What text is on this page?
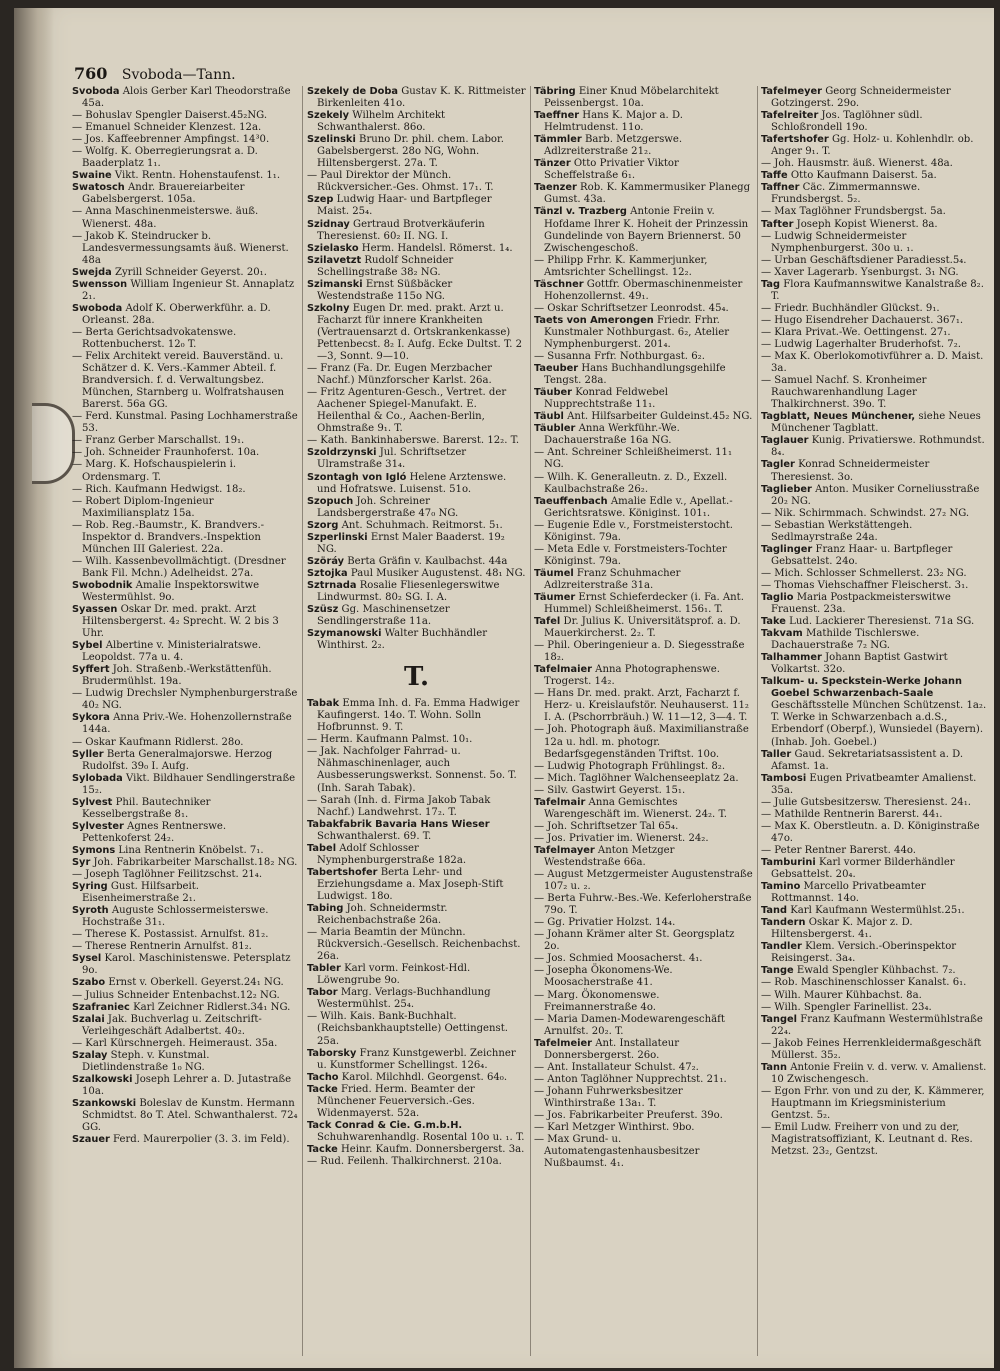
760 Svoboda—Tann.

Svoboda Alois Gerber Karl Theodorstraße 45a.

— Bohuslav Spengler Daiserst.45₂NG.

— Emanuel Schneider Klenzest. 12a.

— Jos. Kaffeebrenner Ampfingst. 14³0.

— Wolfg. K. Oberregierungsrat a. D. Baaderplatz 1₁.

Swaine Vikt. Rentn. Hohenstaufenst. 1₁.

Swatosch Andr. Brauereiarbeiter Gabelsbergerst. 105a.

— Anna Maschinenmeisterswe. äuß. Wienerst. 48a.

— Jakob K. Steindrucker b. Landesvermessungsamts äuß. Wienerst. 48a

Swejda Zyrill Schneider Geyerst. 20₁.

Swensson William Ingenieur St. Annaplatz 2₁.

Swoboda Adolf K. Oberwerkführ. a. D. Orleanst. 28a.

— Berta Gerichtsadvokatenswe. Rottenbucherst. 12₀ T.

— Felix Architekt vereid. Bauverständ. u. Schätzer d. K. Vers.-Kammer Abteil. f. Brandversich. f. d. Verwaltungsbez. München, Starnberg u. Wolfratshausen Barerst. 56a GG.

— Ferd. Kunstmal. Pasing Lochhamerstraße 53.

— Franz Gerber Marschallst. 19₁.

— Joh. Schneider Fraunhoferst. 10a.

— Marg. K. Hofschauspielerin i. Ordensmarg. T.

— Rich. Kaufmann Hedwigst. 18₂.

— Robert Diplom-Ingenieur Maximiliansplatz 15a.

— Rob. Reg.-Baumstr., K. Brandvers.-Inspektor d. Brandvers.-Inspektion München III Galeriest. 22a.

— Wilh. Kassenbevollmächtigt. (Dresdner Bank Fil. Mchn.) Adelheidst. 27a.

Swobodnik Amalie Inspektorswitwe Westermühlst. 9o.

Syassen Oskar Dr. med. prakt. Arzt Hiltensbergerst. 4₂ Sprecht. W. 2 bis 3 Uhr.

Sybel Albertine v. Ministerialratswe. Leopoldst. 77a u. 4.

Syffert Joh. Straßenb.-Werkstättenfüh. Brudermühlst. 19a.

— Ludwig Drechsler Nymphenburgerstraße 40₂ NG.

Sykora Anna Priv.-We. Hohenzollernstraße 144a.

— Oskar Kaufmann Ridlerst. 28o.

Syller Berta Generalmajorswe. Herzog Rudolfst. 39₀ I. Aufg.

Sylobada Vikt. Bildhauer Sendlingerstraße 15₂.

Sylvest Phil. Bautechniker Kesselbergstraße 8₁.

Sylvester Agnes Rentnerswe. Pettenkoferst 24₂.

Symons Lina Rentnerin Knöbelst. 7₁.

Syr Joh. Fabrikarbeiter Marschallst.18₂ NG.

— Joseph Taglöhner Feilitzschst. 21₄.

Syring Gust. Hilfsarbeit. Eisenheimerstraße 2₁.

Syroth Auguste Schlossermeisterswe. Hochstraße 31₁.

— Therese K. Postassist. Arnulfst. 81₂.

— Therese Rentnerin Arnulfst. 81₂.

Sysel Karol. Maschinistenswe. Petersplatz 9o.

Szabo Ernst v. Oberkell. Geyerst.24₁ NG.

— Julius Schneider Entenbachst.12₂ NG.

Szafraniec Karl Zeichner Ridlerst.34₁ NG.

Szalai Jak. Buchverlag u. Zeitschrift-Verleihgeschäft Adalbertst. 40₂.

— Karl Kürschnergeh. Heimeraust. 35a.

Szalay Steph. v. Kunstmal. Dietlindenstraße 1₀ NG.

Szalkowski Joseph Lehrer a. D. Jutastraße 10a.

Szankowski Boleslav de Kunstm. Hermann Schmidtst. 8o T. Atel. Schwanthalerst. 72₄ GG.

Szauer Ferd. Maurerpolier (3. 3. im Feld).

Szekely de Doba Gustav K. K. Rittmeister Birkenleiten 41o.

Szekely Wilhelm Architekt Schwanthalerst. 86o.

Szelinski Bruno Dr. phil. chem. Labor. Gabelsbergerst. 28o NG, Wohn. Hiltensbergerst. 27a. T.

— Paul Direktor der Münch. Rückversicher.-Ges. Ohmst. 17₁. T.

Szep Ludwig Haar- und Bartpfleger Maist. 25₄.

Szidnay Gertraud Brotverkäuferin Theresienst. 60₂ II. NG. I.

Szielasko Herm. Handelsl. Römerst. 1₄.

Szilavetzt Rudolf Schneider Schellingstraße 38₂ NG.

Szimanski Ernst Süßbäcker Westendstraße 115o NG.

Szkolny Eugen Dr. med. prakt. Arzt u. Facharzt für innere Krankheiten (Vertrauensarzt d. Ortskrankenkasse) Pettenbecst. 8₂ I. Aufg. Ecke Dultst. T. 2—3, Sonnt. 9—10.

— Franz (Fa. Dr. Eugen Merzbacher Nachf.) Münzforscher Karlst. 26a.

— Fritz Agenturen-Gesch., Vertret. der Aachener Spiegel-Manufakt. E. Heilenthal & Co., Aachen-Berlin, Ohmstraße 9₁. T.

— Kath. Bankinhaberswe. Barerst. 12₂. T.

Szoldrzynski Jul. Schriftsetzer Ulramstraße 31₄.

Szontagh von Igló Helene Arztenswe. und Hofratswe. Luisenst. 51o.

Szopuch Joh. Schreiner Landsbergerstraße 47₀ NG.

Szorg Ant. Schuhmach. Reitmorst. 5₁.

Szperlinski Ernst Maler Baaderst. 19₂ NG.

Szöráy Berta Gräfin v. Kaulbachst. 44a

Sztojka Paul Musiker Augustenst. 48₁ NG.

Sztrnada Rosalie Fliesenlegerswitwe Lindwurmst. 80₂ SG. I. A.

Szüsz Gg. Maschinensetzer Sendlingerstraße 11a.

Szymanowski Walter Buchhändler Winthirst. 2₂.

T.

Tabak Emma Inh. d. Fa. Emma Hadwiger Kaufingerst. 14o. T. Wohn. Solln Hofbrunnst. 9. T.

— Herm. Kaufmann Palmst. 10₁.

— Jak. Nachfolger Fahrrad- u. Nähmaschinenlager, auch Ausbesserungswerkst. Sonnenst. 5o. T. (Inh. Sarah Tabak).

— Sarah (Inh. d. Firma Jakob Tabak Nachf.) Landwehrst. 17₂. T.

Tabakfabrik Bavaria Hans Wieser Schwanthalerst. 69. T.

Tabel Adolf Schlosser Nymphenburgerstraße 182a.

Tabertshofer Berta Lehr- und Erziehungsdame a. Max Joseph-Stift Ludwigst. 18o.

Tabing Joh. Schneidermstr. Reichenbachstraße 26a.

— Maria Beamtin der Münchn. Rückversich.-Gesellsch. Reichenbachst. 26a.

Tabler Karl vorm. Feinkost-Hdl. Löwengrube 9o.

Tabor Marg. Verlags-Buchhandlung Westermühlst. 25₄.

— Wilh. Kais. Bank-Buchhalt. (Reichsbankhauptstelle) Oettingenst. 25a.

Taborsky Franz Kunstgewerbl. Zeichner u. Kunstformer Schellingst. 126₄.

Tacho Karol. Milchhdl. Georgenst. 64₀.

Tacke Fried. Herm. Beamter der Münchener Feuerversich.-Ges. Widenmayerst. 52a.

Tack Conrad & Cie. G.m.b.H. Schuhwarenhandlg. Rosental 10o u. ₁. T.

Tacke Heinr. Kaufm. Donnersbergerst. 3a.

— Rud. Feilenh. Thalkirchnerst. 210a.

Täbring Einer Knud Möbelarchitekt Peissenbergst. 10a.

Taeffner Hans K. Major a. D. Helmtrudenst. 11o.

Tämmler Barb. Metzgerswe. Adlzreiterstraße 21₂.

Tänzer Otto Privatier Viktor Scheffelstraße 6₁.

Taenzer Rob. K. Kammermusiker Planegg Gumst. 43a.

Tänzl v. Trazberg Antonie Freiin v. Hofdame Ihrer K. Hoheit der Prinzessin Gundelinde von Bayern Briennerst. 50 Zwischengeschoß.

— Philipp Frhr. K. Kammerjunker, Amtsrichter Schellingst. 12₂.

Täschner Gottfr. Obermaschinenmeister Hohenzollernst. 49₁.

— Oskar Schriftsetzer Leonrodst. 45₄.

Taets von Amerongen Friedr. Frhr. Kunstmaler Nothburgast. 6₂, Atelier Nymphenburgerst. 201₄.

— Susanna Frfr. Nothburgast. 6₂.

Taeuber Hans Buchhandlungsgehilfe Tengst. 28a.

Täuber Konrad Feldwebel Nupprechtstraße 11₁.

Täubl Ant. Hilfsarbeiter Guldeinst.45₂ NG.

Täubler Anna Werkführ.-We. Dachauerstraße 16a NG.

— Ant. Schreiner Schleißheimerst. 11₁ NG.

— Wilh. K. Generalleutn. z. D., Exzell. Kaulbachstraße 26₂.

Taeuffenbach Amalie Edle v., Apellat.-Gerichtsratswe. Königinst. 101₁.

— Eugenie Edle v., Forstmeisterstocht. Königinst. 79a.

— Meta Edle v. Forstmeisters-Tochter Königinst. 79a.

Täumel Franz Schuhmacher Adlzreiterstraße 31a.

Täumer Ernst Schieferdecker (i. Fa. Ant. Hummel) Schleißheimerst. 156₁. T.

Tafel Dr. Julius K. Universitätsprof. a. D. Mauerkircherst. 2₂. T.

— Phil. Oberingenieur a. D. Siegesstraße 18₂.

Tafelmaier Anna Photographenswe. Trogerst. 14₂.

— Hans Dr. med. prakt. Arzt, Facharzt f. Herz- u. Kreislaufstör. Neuhauserst. 11₂ I. A. (Pschorrbräuh.) W. 11—12, 3—4. T.

— Joh. Photograph äuß. Maximilianstraße 12a u. hdl. m. photogr. Bedarfsgegenständen Triftst. 10o.

— Ludwig Photograph Frühlingst. 8₂.

— Mich. Taglöhner Walchenseeplatz 2a.

— Silv. Gastwirt Geyerst. 15₁.

Tafelmair Anna Gemischtes Warengeschäft im. Wienerst. 24₂. T.

— Joh. Schriftsetzer Tal 65₄.

— Jos. Privatier im. Wienerst. 24₂.

Tafelmayer Anton Metzger Westendstraße 66a.

— August Metzgermeister Augustenstraße 107₂ u. ₂.

— Berta Fuhrw.-Bes.-We. Keferloherstraße 79o. T.

— Gg. Privatier Holzst. 14₄.

— Johann Krämer alter St. Georgsplatz 2o.

— Jos. Schmied Moosacherst. 4₁.

— Josepha Ökonomens-We. Moosacherstraße 41.

— Marg. Ökonomenswe. Freimannerstraße 4o.

— Maria Damen-Modewarengeschäft Arnulfst. 20₂. T.

Tafelmeier Ant. Installateur Donnersbergerst. 26o.

— Ant. Installateur Schulst. 47₂.

— Anton Taglöhner Nupprechtst. 21₁.

— Johann Fuhrwerksbesitzer Winthirstraße 13a₁. T.

— Jos. Fabrikarbeiter Preuferst. 39o.

— Karl Metzger Winthirst. 9bo.

— Max Grund- u. Automatengastenhausbesitzer Nußbaumst. 4₁.

Tafelmeyer Georg Schneidermeister Gotzingerst. 29o.

Tafelreiter Jos. Taglöhner südl. Schloßrondell 19o.

Tafertshofer Gg. Holz- u. Kohlenhdlr. ob. Anger 9₁. T.

— Joh. Hausmstr. äuß. Wienerst. 48a.

Taffe Otto Kaufmann Daiserst. 5a.

Taffner Cäc. Zimmermannswe. Frundsbergst. 5₂.

— Max Taglöhner Frundsbergst. 5a.

Tafter Joseph Kopist Wienerst. 8a.

— Ludwig Schneidermeister Nymphenburgerst. 30o u. ₁.

— Urban Geschäftsdiener Paradiesst.5₄.

— Xaver Lagerarb. Ysenburgst. 3₁ NG.

Tag Flora Kaufmannswitwe Kanalstraße 8₂. T.

— Friedr. Buchhändler Glückst. 9₁.

— Hugo Eisendreher Dachauerst. 367₁.

— Klara Privat.-We. Oettingenst. 27₁.

— Ludwig Lagerhalter Bruderhofst. 7₂.

— Max K. Oberlokomotivführer a. D. Maist. 3a.

— Samuel Nachf. S. Kronheimer Rauchwarenhandlung Lager Thalkirchnerst. 39o. T.

Tagblatt, Neues Münchener, siehe Neues Münchener Tagblatt.

Taglauer Kunig. Privatierswe. Rothmundst. 8₄.

Tagler Konrad Schneidermeister Theresienst. 3o.

Taglieber Anton. Musiker Corneliusstraße 20₂ NG.

— Nik. Schirmmach. Schwindst. 27₂ NG.

— Sebastian Werkstättengeh. Sedlmayrstraße 24a.

Taglinger Franz Haar- u. Bartpfleger Gebsattelst. 24o.

— Mich. Schlosser Schmellerst. 23₂ NG.

— Thomas Viehschaffner Fleischerst. 3₁.

Taglio Maria Postpackmeisterswitwe Frauenst. 23a.

Take Lud. Lackierer Theresienst. 71a SG.

Takvam Mathilde Tischlerswe. Dachauerstraße 7₂ NG.

Talhammer Johann Baptist Gastwirt Volkartst. 32o.

Talkum- u. Speckstein-Werke Johann Goebel Schwarzenbach-Saale Geschäftsstelle München Schützenst. 1a₂. T. Werke in Schwarzenbach a.d.S., Erbendorf (Oberpf.), Wunsiedel (Bayern). (Inhab. Joh. Goebel.)

Taller Gaud. Sekretariatsassistent a. D. Afamst. 1a.

Tambosi Eugen Privatbeamter Amalienst. 35a.

— Julie Gutsbesitzersw. Theresienst. 24₁.

— Mathilde Rentnerin Barerst. 44₁.

— Max K. Oberstleutn. a. D. Königinstraße 47o.

— Peter Rentner Barerst. 44o.

Tamburini Karl vormer Bilderhändler Gebsattelst. 20₄.

Tamino Marcello Privatbeamter Rottmannst. 14o.

Tand Karl Kaufmann Westermühlst.25₁.

Tandern Oskar K. Major z. D. Hiltensbergerst. 4₁.

Tandler Klem. Versich.-Oberinspektor Reisingerst. 3a₄.

Tange Ewald Spengler Kühbachst. 7₂.

— Rob. Maschinenschlosser Kanalst. 6₁.

— Wilh. Maurer Kühbachst. 8a.

— Wilh. Spengler Farinellist. 23₄.

Tangel Franz Kaufmann Westermühlstraße 22₄.

— Jakob Feines Herrenkleidermaßgeschäft Müllerst. 35₂.

Tann Antonie Freiin v. d. verw. v. Amalienst. 10 Zwischengesch.

— Egon Frhr. von und zu der, K. Kämmerer, Hauptmann im Kriegsministerium Gentzst. 5₂.

— Emil Ludw. Freiherr von und zu der, Magistratsoffiziant, K. Leutnant d. Res. Metzst. 23₂, Gentzst.
